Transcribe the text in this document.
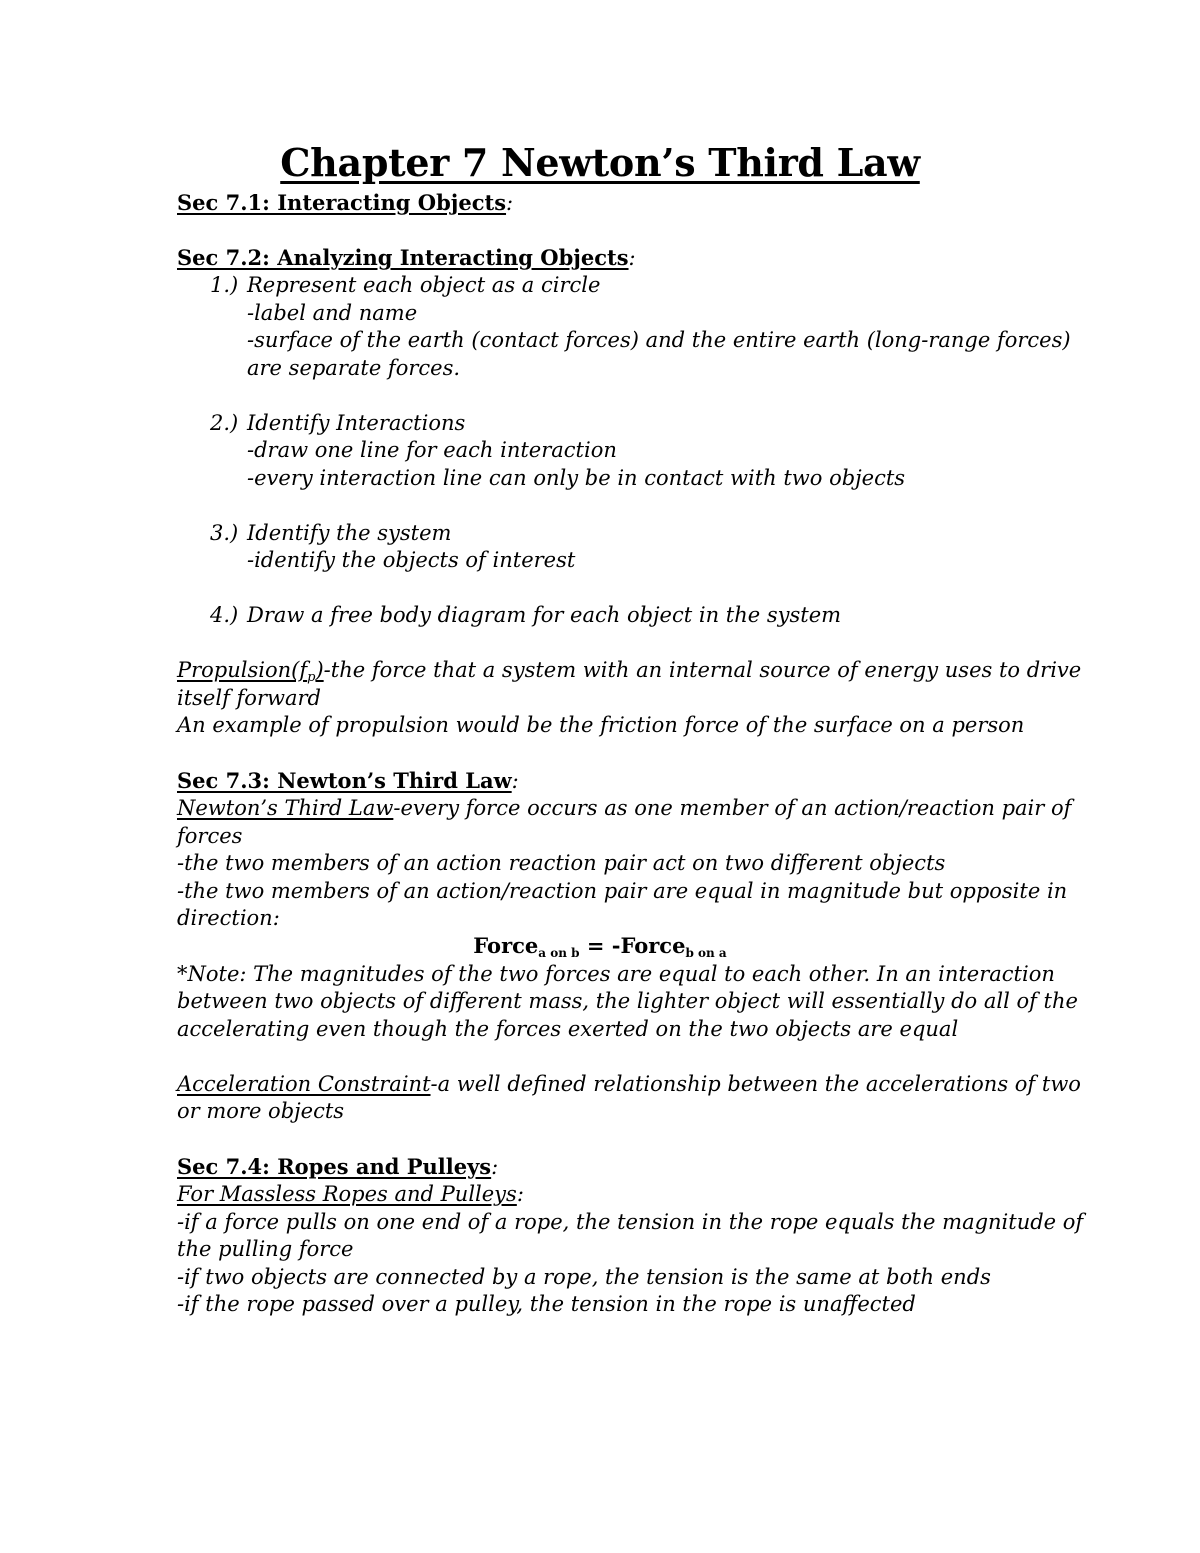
Chapter 7 Newton’s Third Law
Sec 7.1: Interacting Objects:
Sec 7.2: Analyzing Interacting Objects:
1.) Represent each object as a circle
-label and name
-surface of the earth (contact forces) and the entire earth (long-range forces)
are separate forces.
2.) Identify Interactions
-draw one line for each interaction
-every interaction line can only be in contact with two objects
3.) Identify the system
-identify the objects of interest
4.) Draw a free body diagram for each object in the system
$Propulsion(f_p)$-the force that a system with an internal source of energy uses to drive
itself forward
An example of propulsion would be the friction force of the surface on a person
Sec 7.3: Newton’s Third Law:
Newton’s Third Law-every force occurs as one member of an action/reaction pair of
forces
-the two members of an action reaction pair act on two different objects
-the two members of an action/reaction pair are equal in magnitude but opposite in
direction:
Force$_{a on b}$ = -Force$_{b on a}$
*Note: The magnitudes of the two forces are equal to each other. In an interaction
between two objects of different mass, the lighter object will essentially do all of the
accelerating even though the forces exerted on the two objects are equal
Acceleration Constraint-a well defined relationship between the accelerations of two
or more objects
Sec 7.4: Ropes and Pulleys:
For Massless Ropes and Pulleys:
-if a force pulls on one end of a rope, the tension in the rope equals the magnitude of
the pulling force
-if two objects are connected by a rope, the tension is the same at both ends
-if the rope passed over a pulley, the tension in the rope is unaffected
